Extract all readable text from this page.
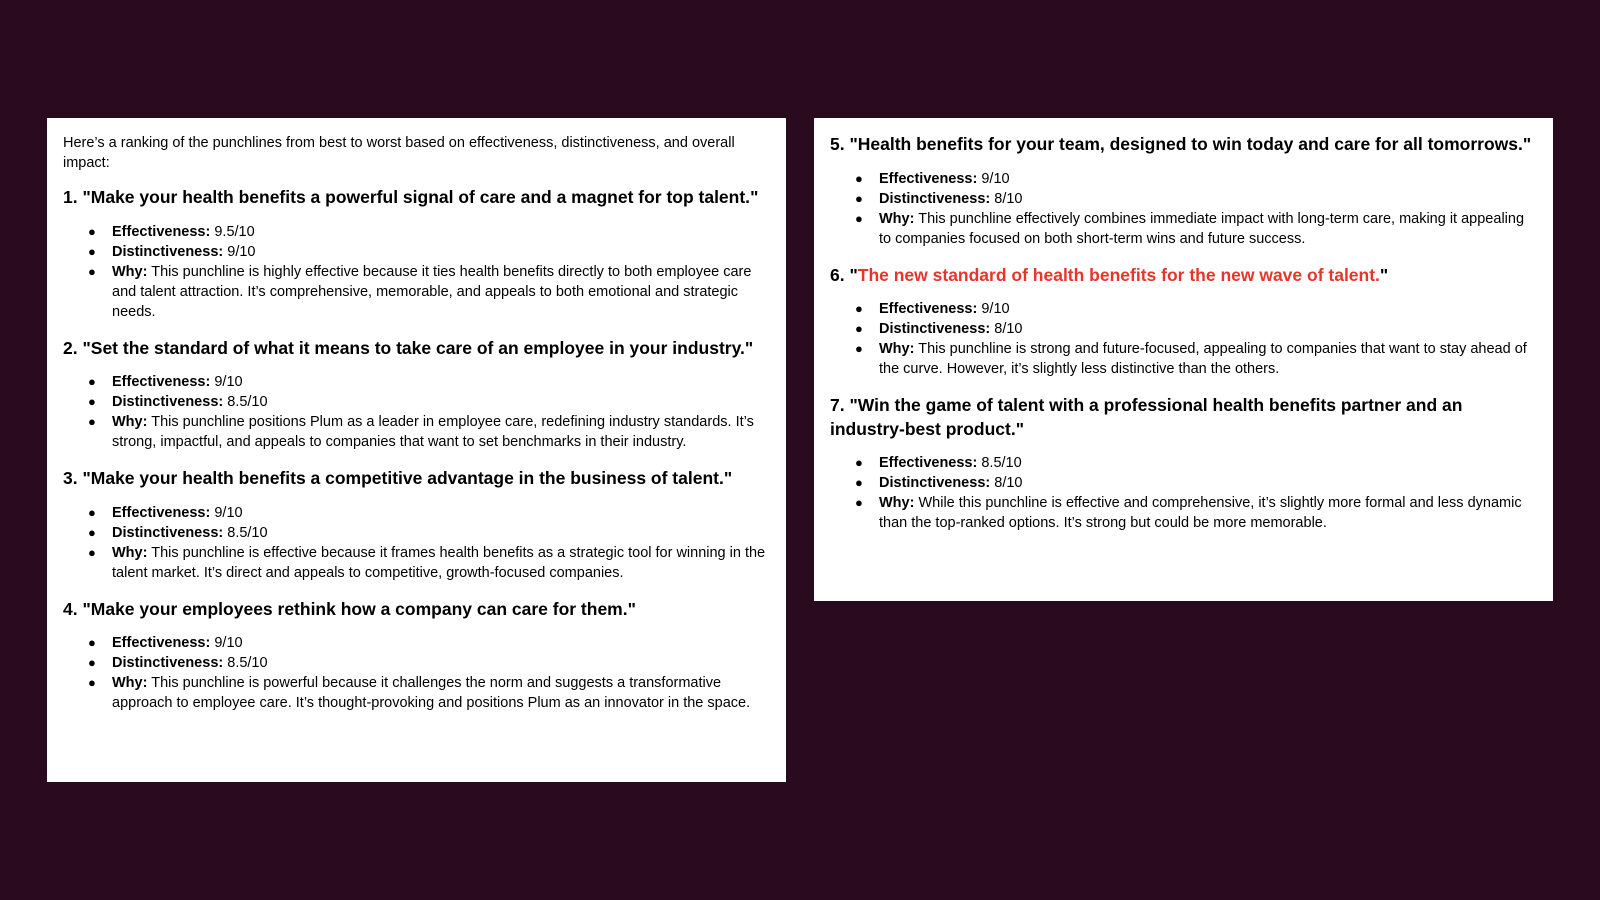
Here’s a ranking of the punchlines from best to worst based on effectiveness, distinctiveness, and overall impact:

1. "Make your health benefits a powerful signal of care and a magnet for top talent."
● Effectiveness: 9.5/10
● Distinctiveness: 9/10
● Why: This punchline is highly effective because it ties health benefits directly to both employee care and talent attraction. It’s comprehensive, memorable, and appeals to both emotional and strategic needs.
2. "Set the standard of what it means to take care of an employee in your industry."
● Effectiveness: 9/10
● Distinctiveness: 8.5/10
● Why: This punchline positions Plum as a leader in employee care, redefining industry standards. It’s strong, impactful, and appeals to companies that want to set benchmarks in their industry.
3. "Make your health benefits a competitive advantage in the business of talent."
● Effectiveness: 9/10
● Distinctiveness: 8.5/10
● Why: This punchline is effective because it frames health benefits as a strategic tool for winning in the talent market. It’s direct and appeals to competitive, growth-focused companies.
4. "Make your employees rethink how a company can care for them."
● Effectiveness: 9/10
● Distinctiveness: 8.5/10
● Why: This punchline is powerful because it challenges the norm and suggests a transformative approach to employee care. It’s thought-provoking and positions Plum as an innovator in the space.
5. "Health benefits for your team, designed to win today and care for all tomorrows."
● Effectiveness: 9/10
● Distinctiveness: 8/10
● Why: This punchline effectively combines immediate impact with long-term care, making it appealing to companies focused on both short-term wins and future success.
6. "The new standard of health benefits for the new wave of talent."
● Effectiveness: 9/10
● Distinctiveness: 8/10
● Why: This punchline is strong and future-focused, appealing to companies that want to stay ahead of the curve. However, it’s slightly less distinctive than the others.
7. "Win the game of talent with a professional health benefits partner and an industry-best product."
● Effectiveness: 8.5/10
● Distinctiveness: 8/10
● Why: While this punchline is effective and comprehensive, it’s slightly more formal and less dynamic than the top-ranked options. It’s strong but could be more memorable.
